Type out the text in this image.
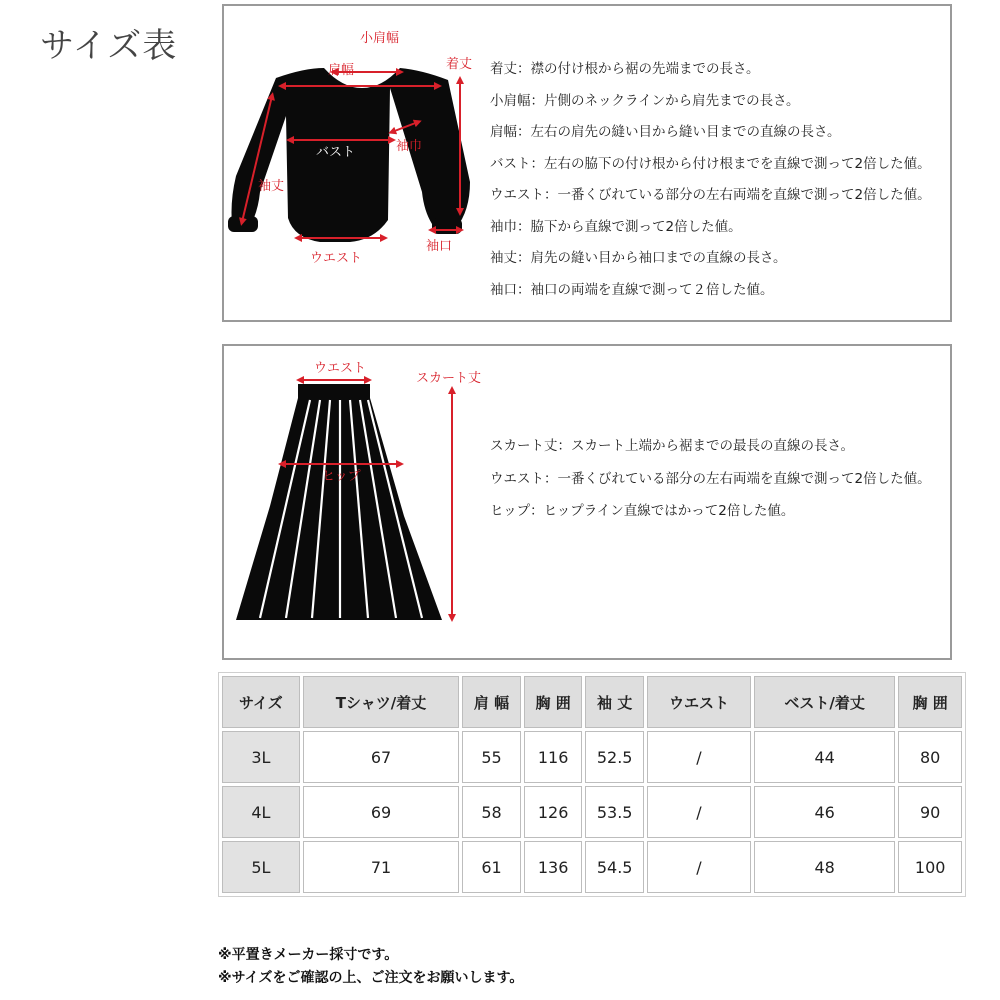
サイズ表	小肩幅
肩幅	着丈
バスト	袖巾
袖丈
ウエスト
袖口
着丈：襟の付け根から裾の先端までの長さ。
小肩幅：片側のネックラインから肩先までの長さ。
肩幅：左右の肩先の縫い目から縫い目までの直線の長さ。
バスト：左右の脇下の付け根から付け根までを直線で測って2倍した値。
ウエスト：一番くびれている部分の左右両端を直線で測って2倍した値。
袖巾：脇下から直線で測って2倍した値。
袖丈：肩先の縫い目から袖口までの直線の長さ。
袖口：袖口の両端を直線で測って２倍した値。
ウエスト
スカート丈
ヒップ
スカート丈：スカート上端から裾までの最長の直線の長さ。
ウエスト：一番くびれている部分の左右両端を直線で測って2倍した値。
ヒップ：ヒップライン直線ではかって2倍した値。
サイズ	Tシャツ/着丈	肩 幅	胸 囲	袖 丈	ウエスト	ベスト/着丈	胸 囲
3L	67	55	116	52.5	/	44	80
4L	69	58	126	53.5	/	46	90
5L	71	61	136	54.5	/	48	100
※平置きメーカー採寸です。
※サイズをご確認の上、ご注文をお願いします。
